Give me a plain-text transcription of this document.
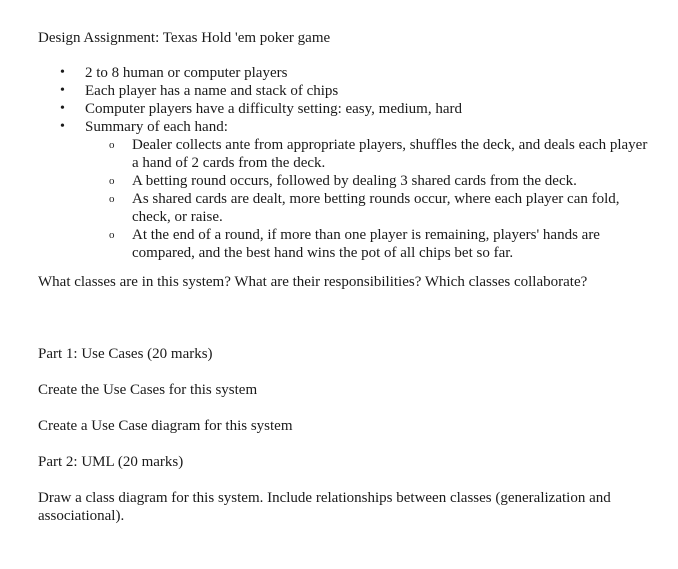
Design Assignment: Texas Hold 'em poker game
• 2 to 8 human or computer players
• Each player has a name and stack of chips
• Computer players have a difficulty setting: easy, medium, hard
• Summary of each hand:
o Dealer collects ante from appropriate players, shuffles the deck, and deals each player a hand of 2 cards from the deck.
o A betting round occurs, followed by dealing 3 shared cards from the deck.
o As shared cards are dealt, more betting rounds occur, where each player can fold, check, or raise.
o At the end of a round, if more than one player is remaining, players' hands are compared, and the best hand wins the pot of all chips bet so far.
What classes are in this system? What are their responsibilities? Which classes collaborate?
Part 1: Use Cases (20 marks)
Create the Use Cases for this system
Create a Use Case diagram for this system
Part 2: UML (20 marks)
Draw a class diagram for this system. Include relationships between classes (generalization and associational).
